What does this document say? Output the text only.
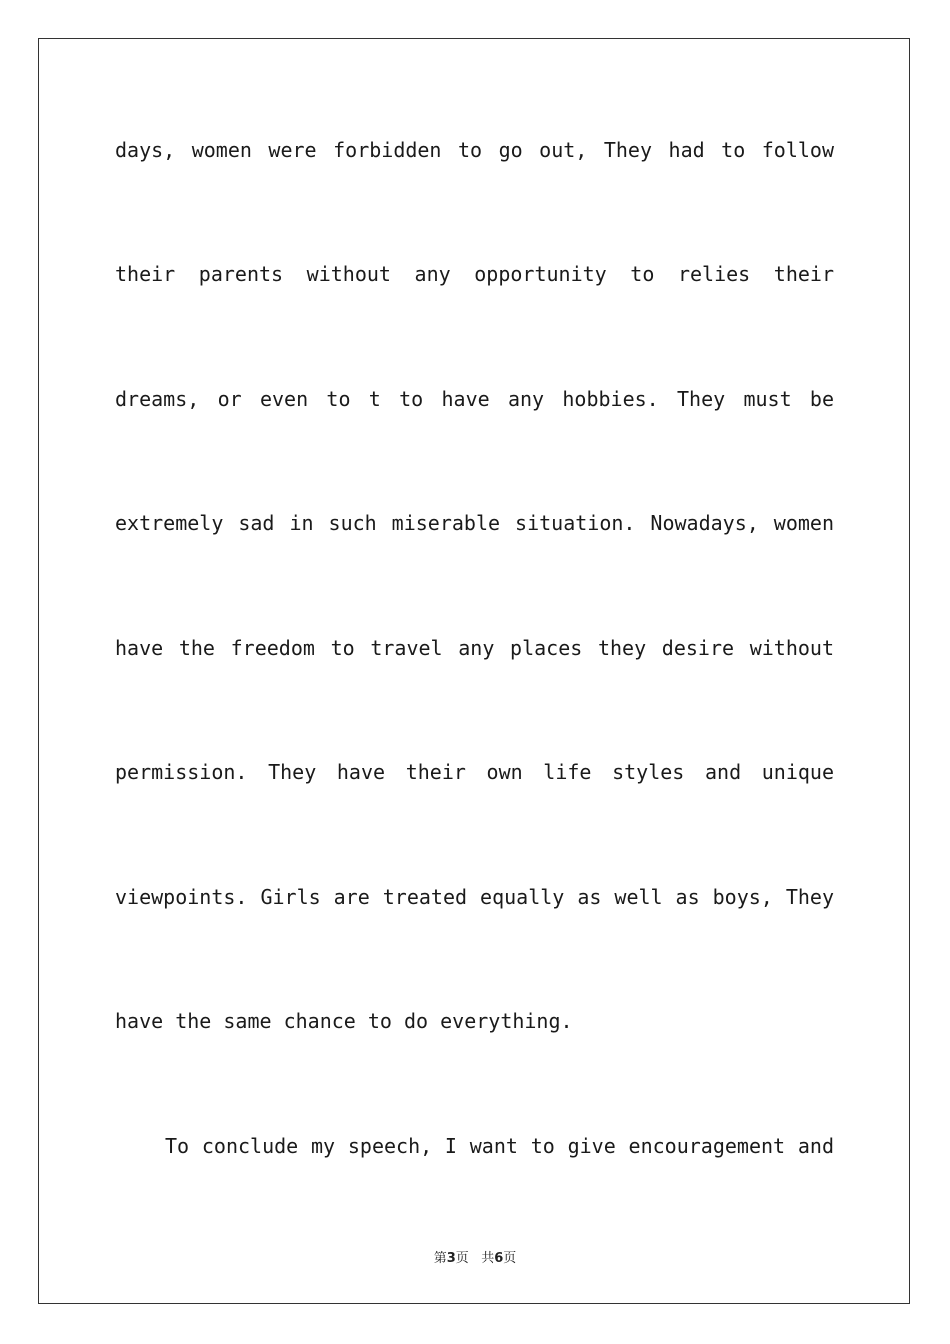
days, women were forbidden to go out, They had to follow
their parents without any opportunity to relies their
dreams, or even to t to have any hobbies. They must be
extremely sad in such miserable situation. Nowadays, women
have the freedom to travel any places they desire without
permission. They have their own life styles and unique
viewpoints. Girls are treated equally as well as boys, They
have the same chance to do everything.
To conclude my speech, I want to give encouragement and
第3页 共6页
